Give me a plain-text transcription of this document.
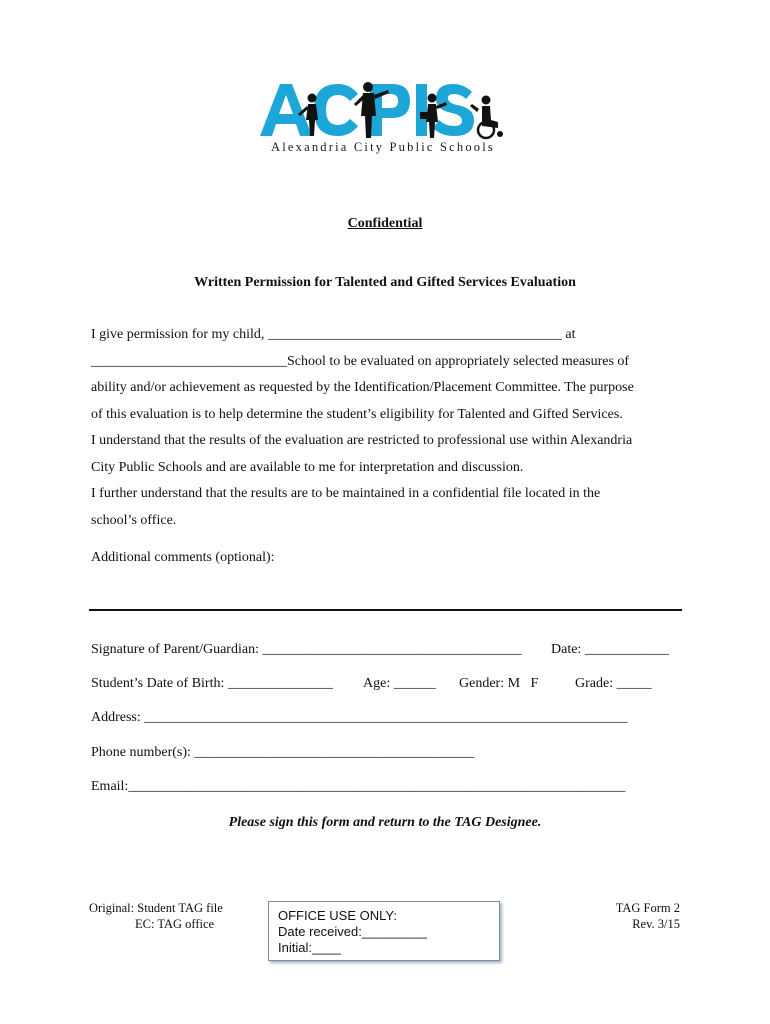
Alexandria City Public Schools
Confidential
Written Permission for Talented and Gifted Services Evaluation
I give permission for my child, __________________________________________ at
____________________________School to be evaluated on appropriately selected measures of
ability and/or achievement as requested by the Identification/Placement Committee. The purpose
of this evaluation is to help determine the student’s eligibility for Talented and Gifted Services.
I understand that the results of the evaluation are restricted to professional use within Alexandria
City Public Schools and are available to me for interpretation and discussion.
I further understand that the results are to be maintained in a confidential file located in the
school’s office.
Additional comments (optional):
Signature of Parent/Guardian: _____________________________________ Date: ____________
Student’s Date of Birth: _______________ Age: ______ Gender: M   F	Grade: _____
Address: _____________________________________________________________________
Phone number(s): ________________________________________
Email:_______________________________________________________________________
Please sign this form and return to the TAG Designee.
Original: Student TAG file
EC: TAG office
OFFICE USE ONLY:
Date received:_________
Initial:____
TAG Form 2
Rev. 3/15
